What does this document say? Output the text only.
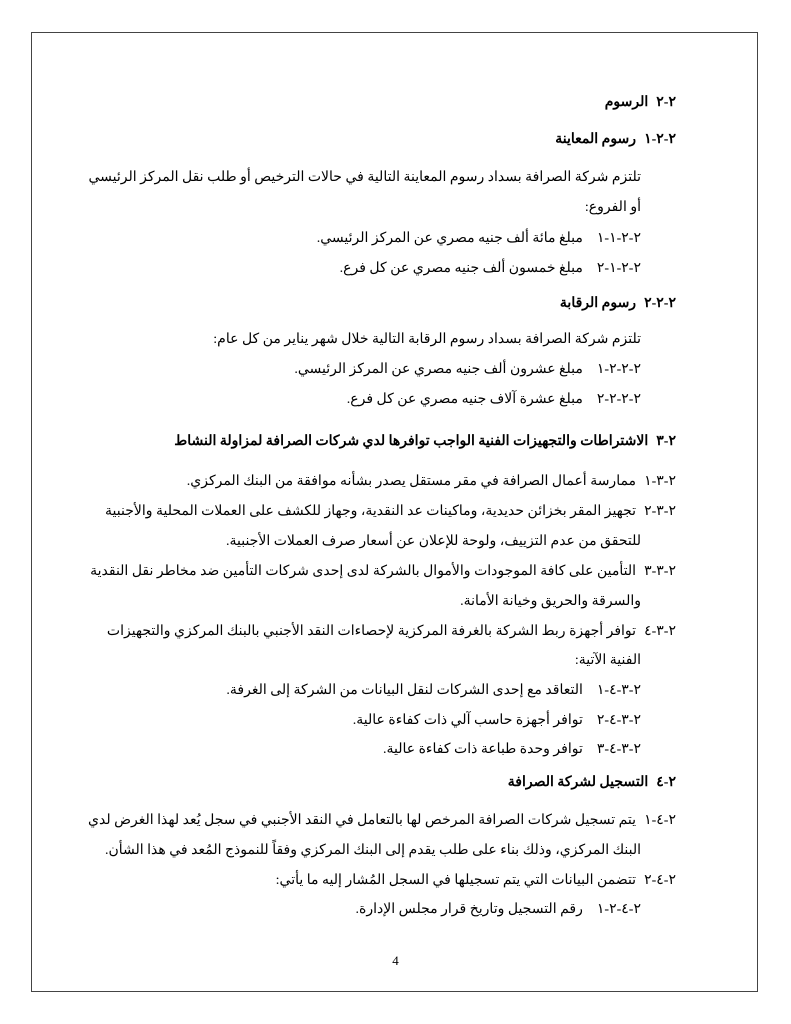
٢-٢الرسوم
٢-٢-١رسوم المعاينة
تلتزم شركة الصرافة بسداد رسوم المعاينة التالية في حالات الترخيص أو طلب نقل المركز الرئيسي
أو الفروع:
٢-٢-١-١مبلغ مائة ألف جنيه مصري عن المركز الرئيسي.
٢-٢-١-٢مبلغ خمسون ألف جنيه مصري عن كل فرع.
٢-٢-٢رسوم الرقابة
تلتزم شركة الصرافة بسداد رسوم الرقابة التالية خلال شهر يناير من كل عام:
٢-٢-٢-١مبلغ عشرون ألف جنيه مصري عن المركز الرئيسي.
٢-٢-٢-٢مبلغ عشرة آلاف جنيه مصري عن كل فرع.
٢-٣الاشتراطات والتجهيزات الفنية الواجب توافرها لدي شركات الصرافة لمزاولة النشاط
٢-٣-١ممارسة أعمال الصرافة في مقر مستقل يصدر بشأنه موافقة من البنك المركزي.
٢-٣-٢تجهيز المقر بخزائن حديدية، وماكينات عد النقدية، وجهاز للكشف على العملات المحلية والأجنبية
للتحقق من عدم التزييف، ولوحة للإعلان عن أسعار صرف العملات الأجنبية.
٢-٣-٣التأمين على كافة الموجودات والأموال بالشركة لدى إحدى شركات التأمين ضد مخاطر نقل النقدية
والسرقة والحريق وخيانة الأمانة.
٢-٣-٤توافر أجهزة ربط الشركة بالغرفة المركزية لإحصاءات النقد الأجنبي بالبنك المركزي والتجهيزات
الفنية الآتية:
٢-٣-٤-١التعاقد مع إحدى الشركات لنقل البيانات من الشركة إلى الغرفة.
٢-٣-٤-٢توافر أجهزة حاسب آلي ذات كفاءة عالية.
٢-٣-٤-٣توافر وحدة طباعة ذات كفاءة عالية.
٢-٤التسجيل لشركة الصرافة
٢-٤-١يتم تسجيل شركات الصرافة المرخص لها بالتعامل في النقد الأجنبي في سجل يُعد لهذا الغرض لدي
البنك المركزي، وذلك بناء على طلب يقدم إلى البنك المركزي وفقاً للنموذج المُعد في هذا الشأن.
٢-٤-٢تتضمن البيانات التي يتم تسجيلها في السجل المُشار إليه ما يأتي:
٢-٤-٢-١رقم التسجيل وتاريخ قرار مجلس الإدارة.
4
